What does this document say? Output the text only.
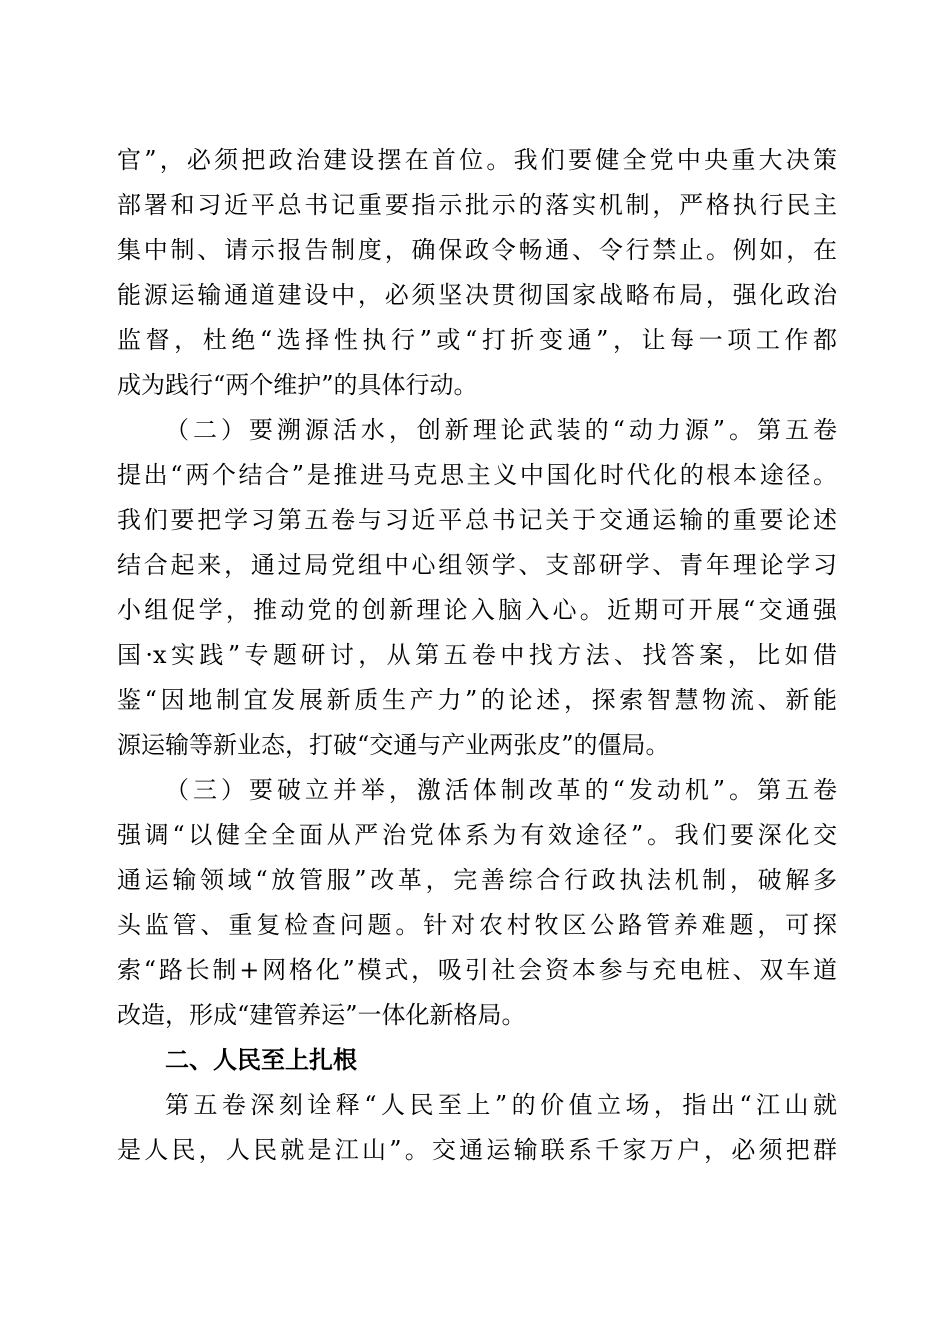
官”，必须把政治建设摆在首位。我们要健全党中央重大决策
部署和习近平总书记重要指示批示的落实机制，严格执行民主
集中制、请示报告制度，确保政令畅通、令行禁止。例如，在
能源运输通道建设中，必须坚决贯彻国家战略布局，强化政治
监督，杜绝“选择性执行”或“打折变通”，让每一项工作都
成为践行“两个维护”的具体行动。
（二）要溯源活水，创新理论武装的“动力源”。第五卷
提出“两个结合”是推进马克思主义中国化时代化的根本途径。
我们要把学习第五卷与习近平总书记关于交通运输的重要论述
结合起来，通过局党组中心组领学、支部研学、青年理论学习
小组促学，推动党的创新理论入脑入心。近期可开展“交通强
国·x实践”专题研讨，从第五卷中找方法、找答案，比如借
鉴“因地制宜发展新质生产力”的论述，探索智慧物流、新能
源运输等新业态，打破“交通与产业两张皮”的僵局。
（三）要破立并举，激活体制改革的“发动机”。第五卷
强调“以健全全面从严治党体系为有效途径”。我们要深化交
通运输领域“放管服”改革，完善综合行政执法机制，破解多
头监管、重复检查问题。针对农村牧区公路管养难题，可探
索“路长制+网格化”模式，吸引社会资本参与充电桩、双车道
改造，形成“建管养运”一体化新格局。
二、人民至上扎根
第五卷深刻诠释“人民至上”的价值立场，指出“江山就
是人民，人民就是江山”。交通运输联系千家万户，必须把群
